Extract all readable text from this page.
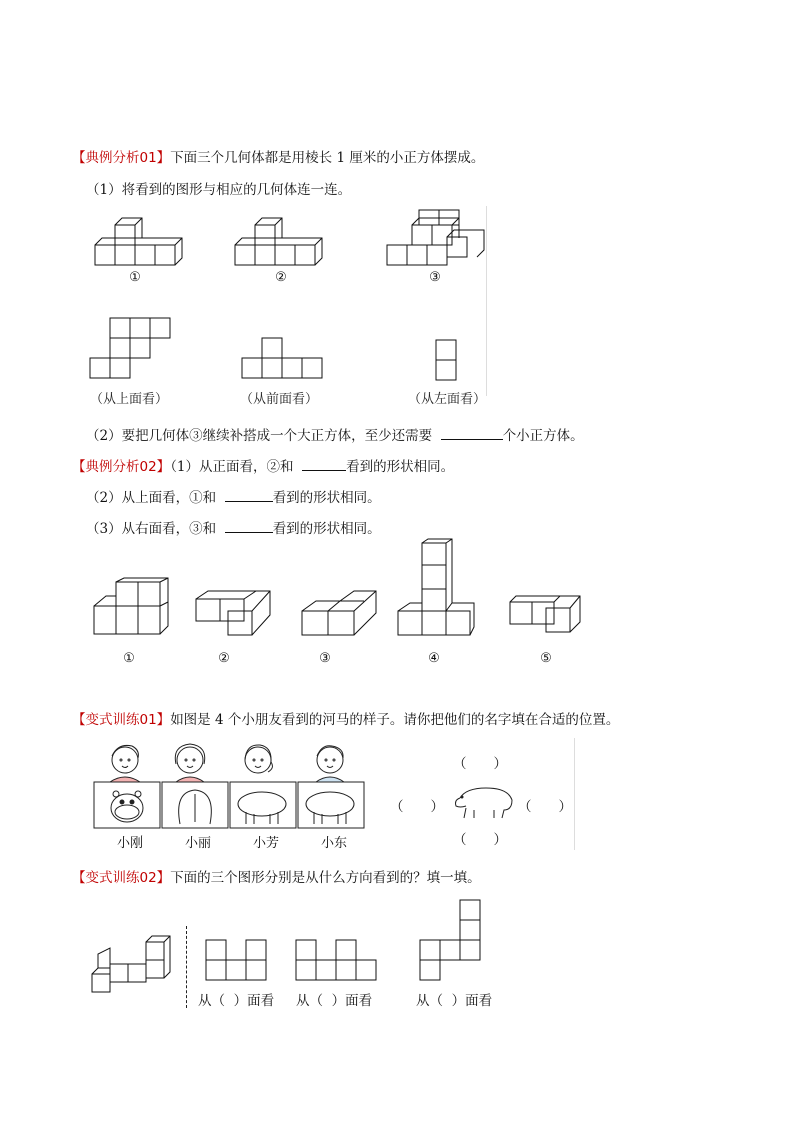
【典例分析01】下面三个几何体都是用棱长 1 厘米的小正方体摆成。
（1）将看到的图形与相应的几何体连一连。
①	②	③
（从上面看）	（从前面看）	（从左面看）
（2）要把几何体③继续补搭成一个大正方体，至少还需要	个小正方体。
【典例分析02】（1）从正面看，②和	看到的形状相同。
（2）从上面看，①和	看到的形状相同。
（3）从右面看，③和	看到的形状相同。
①	②	③	④	⑤
【变式训练01】如图是 4 个小朋友看到的河马的样子。请你把他们的名字填在合适的位置。
小刚	小丽	小芳	小东
（　　）
（　　）
（　　）	（　　）
【变式训练02】下面的三个图形分别是从什么方向看到的？填一填。
从（ ）面看 从（ ）面看	从（ ）面看
